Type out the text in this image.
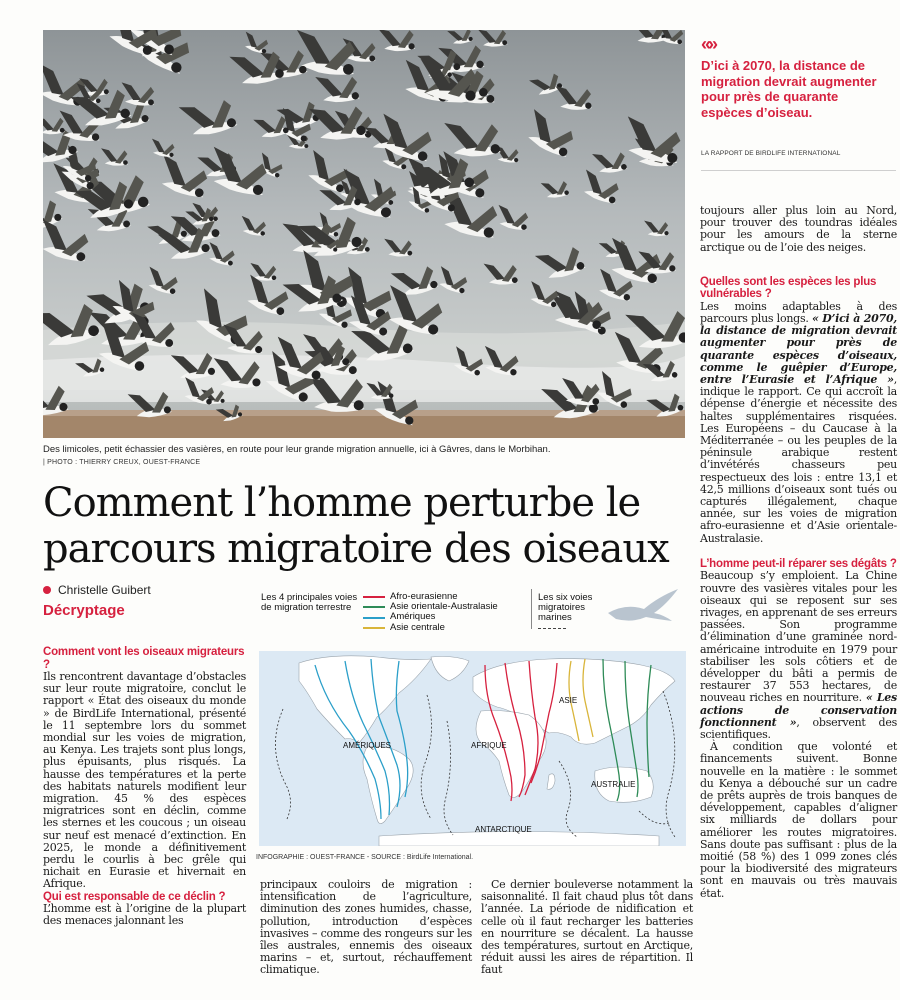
Des limicoles, petit échassier des vasières, en route pour leur grande migration annuelle, ici à Gâvres, dans le Morbihan.
| PHOTO : THIERRY CREUX, OUEST-FRANCE
Comment l’homme perturbe le
parcours migratoire des oiseaux
Christelle Guibert
Décryptage

Comment vont les oiseaux migrateurs ?

Ils rencontrent davantage d’obstacles sur leur route migratoire, conclut le rapport « État des oiseaux du monde » de BirdLife International, présenté le 11 septembre lors du sommet mondial sur les voies de migration, au Kenya. Les trajets sont plus longs, plus épuisants, plus risqués. La hausse des températures et la perte des habitats naturels modifient leur migration. 45 % des espèces migratrices sont en déclin, comme les sternes et les coucous ; un oiseau sur neuf est menacé d’extinction. En 2025, le monde a définitivement perdu le courlis à bec grêle qui nichait en Eurasie et hivernait en Afrique.

Qui est responsable de ce déclin ?

L’homme est à l’origine de la plupart des menaces jalonnant les

principaux couloirs de migration : intensification de l’agriculture, diminution des zones humides, chasse, pollution, introduction d’espèces invasives – comme des rongeurs sur les îles australes, ennemis des oiseaux marins – et, surtout, réchauffement climatique.

Ce dernier bouleverse notamment la saisonnalité. Il fait chaud plus tôt dans l’année. La période de nidification et celle où il faut recharger les batteries en nourriture se décalent. La hausse des températures, surtout en Arctique, réduit aussi les aires de répartition. Il faut

«»
D’ici à 2070, la distance de migration devrait augmenter pour près de quarante espèces d’oiseau.
LA RAPPORT DE BIRDLIFE INTERNATIONAL

toujours aller plus loin au Nord, pour trouver des toundras idéales pour les amours de la sterne arctique ou de l’oie des neiges.

Quelles sont les espèces les plus vulnérables ?

Les moins adaptables à des parcours plus longs. « D’ici à 2070, la distance de migration devrait augmenter pour près de quarante espèces d’oiseaux, comme le guêpier d’Europe, entre l’Eurasie et l’Afrique », indique le rapport. Ce qui accroît la dépense d’énergie et nécessite des haltes supplémentaires risquées. Les Européens – du Caucase à la Méditerranée – ou les peuples de la péninsule arabique restent d’invétérés chasseurs peu respectueux des lois : entre 13,1 et 42,5 millions d’oiseaux sont tués ou capturés illégalement, chaque année, sur les voies de migration afro-eurasienne et d’Asie orientale-Australasie.

L’homme peut-il réparer ses dégâts ?

Beaucoup s’y emploient. La Chine rouvre des vasières vitales pour les oiseaux qui se reposent sur ses rivages, en apprenant de ses erreurs passées. Son programme d’élimination d’une graminée nord-américaine introduite en 1979 pour stabiliser les sols côtiers et de développer du bâti a permis de restaurer 37 553 hectares, de nouveau riches en nourriture. « Les actions de conservation fonctionnent », observent des scientifiques.

À condition que volonté et financements suivent. Bonne nouvelle en la matière : le sommet du Kenya a débouché sur un cadre de prêts auprès de trois banques de développement, capables d’aligner six milliards de dollars pour améliorer les routes migratoires. Sans doute pas suffisant : plus de la moitié (58 %) des 1 099 zones clés pour la biodiversité des migrateurs sont en mauvais ou très mauvais état.

Les 4 principales voies de migration terrestre
Afro-eurasienne
Asie orientale-Australasie
Amériques
Asie centrale
Les six voies migratoires marines
AMÉRIQUES	AFRIQUE
ASIE
AUSTRALIE
ANTARCTIQUE
INFOGRAPHIE : OUEST-FRANCE - SOURCE : BirdLife International.
